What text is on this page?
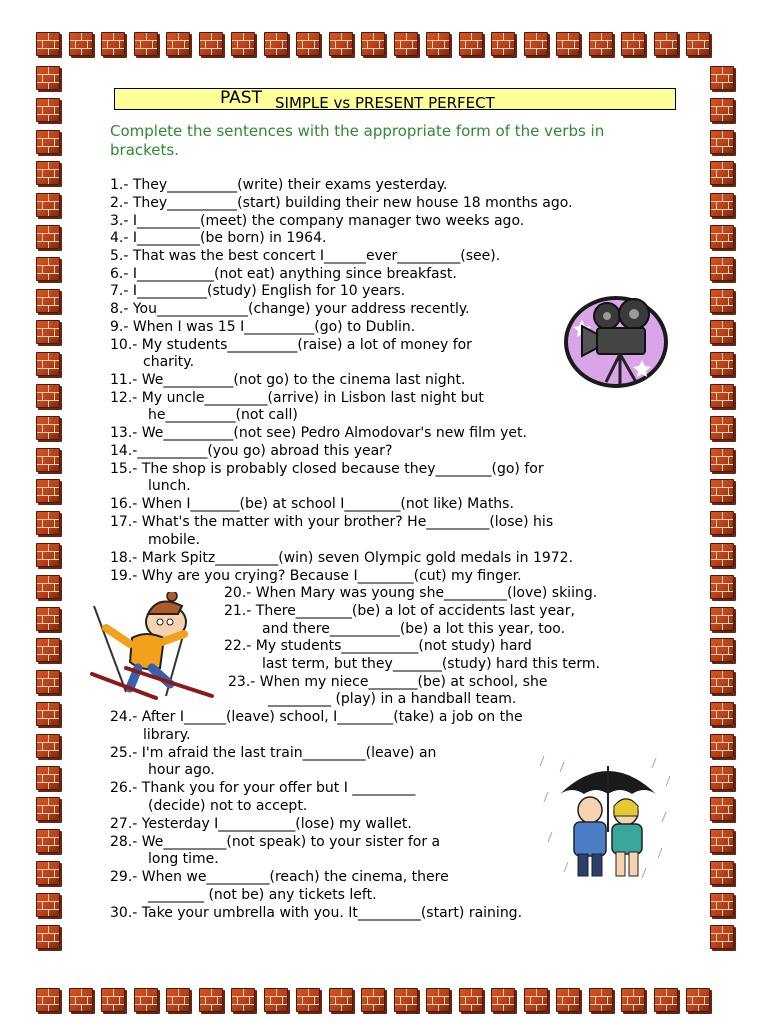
PAST SIMPLE vs PRESENT PERFECT
Complete the sentences with the appropriate form of the verbs in brackets.
1.- They__________(write) their exams yesterday.
2.- They__________(start) building their new house 18 months ago.
3.- I_________(meet) the company manager two weeks ago.
4.- I_________(be born) in 1964.
5.- That was the best concert I______ever_________(see).
6.- I___________(not eat) anything since breakfast.
7.- I__________(study) English for 10 years.
8.- You_____________(change) your address recently.
9.- When I was 15 I__________(go) to Dublin.
10.- My students__________(raise) a lot of money for
charity.
11.- We__________(not go) to the cinema last night.
12.- My uncle_________(arrive) in Lisbon last night but
he__________(not call)
13.- We__________(not see) Pedro Almodovar's new film yet.
14.-__________(you go) abroad this year?
15.- The shop is probably closed because they________(go) for
lunch.
16.- When I_______(be) at school I________(not like) Maths.
17.- What's the matter with your brother? He_________(lose) his
mobile.
18.- Mark Spitz_________(win) seven Olympic gold medals in 1972.
19.- Why are you crying? Because I________(cut) my finger.
20.- When Mary was young she_________(love) skiing.
21.- There________(be) a lot of accidents last year,
and there__________(be) a lot this year, too.
22.- My students___________(not study) hard
last term, but they_______(study) hard this term.
23.- When my niece_______(be) at school, she
_________ (play) in a handball team.
24.- After I______(leave) school, I________(take) a job on the
library.
25.- I'm afraid the last train_________(leave) an
hour ago.
26.- Thank you for your offer but I _________
(decide) not to accept.
27.- Yesterday I___________(lose) my wallet.
28.- We_________(not speak) to your sister for a
long time.
29.- When we_________(reach) the cinema, there
________ (not be) any tickets left.
30.- Take your umbrella with you. It_________(start) raining.
